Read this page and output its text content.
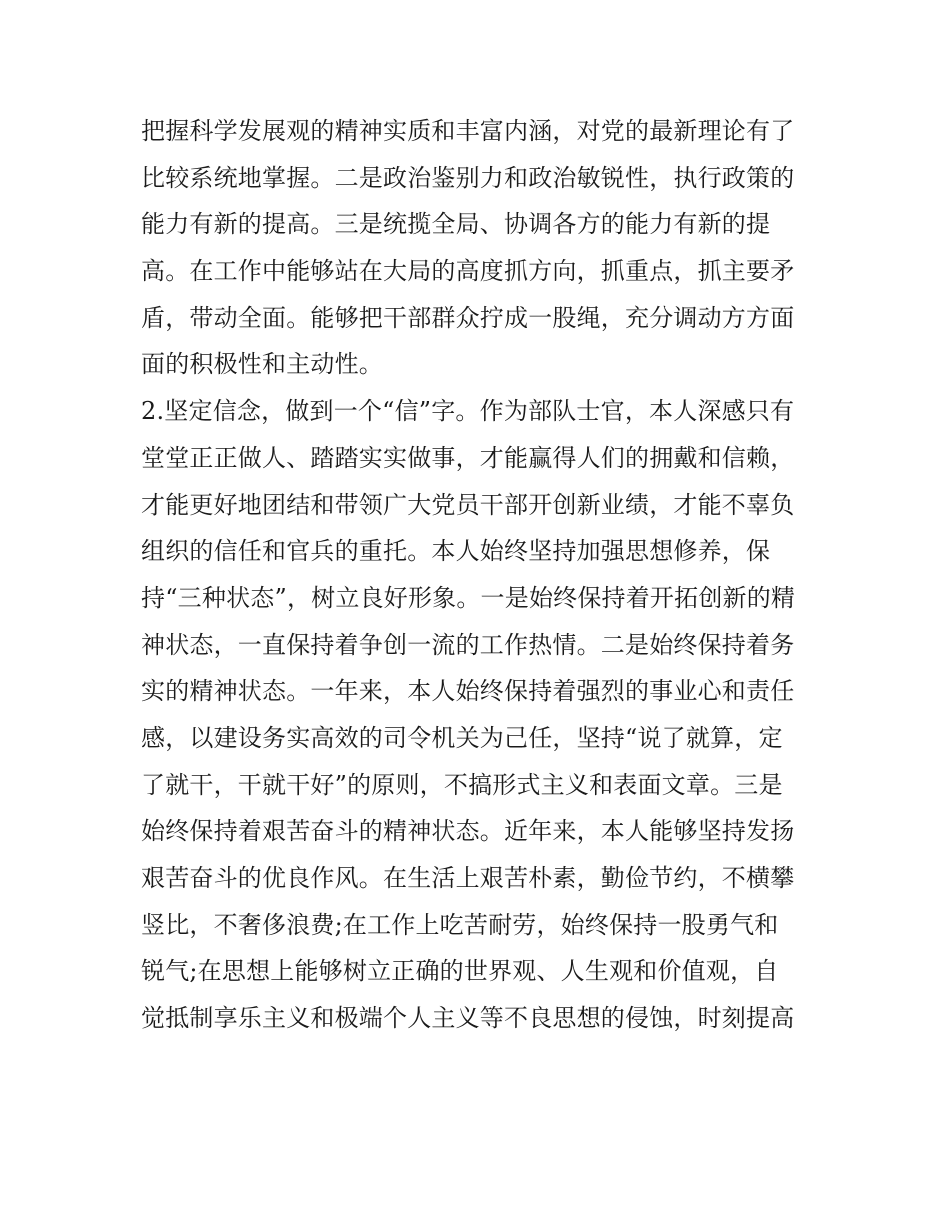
把握科学发展观的精神实质和丰富内涵，对党的最新理论有了
比较系统地掌握。二是政治鉴别力和政治敏锐性，执行政策的
能力有新的提高。三是统揽全局、协调各方的能力有新的提
高。在工作中能够站在大局的高度抓方向，抓重点，抓主要矛
盾，带动全面。能够把干部群众拧成一股绳，充分调动方方面
面的积极性和主动性。
2.坚定信念，做到一个“信”字。作为部队士官，本人深感只有
堂堂正正做人、踏踏实实做事，才能赢得人们的拥戴和信赖，
才能更好地团结和带领广大党员干部开创新业绩，才能不辜负
组织的信任和官兵的重托。本人始终坚持加强思想修养，保
持“三种状态”，树立良好形象。一是始终保持着开拓创新的精
神状态，一直保持着争创一流的工作热情。二是始终保持着务
实的精神状态。一年来，本人始终保持着强烈的事业心和责任
感，以建设务实高效的司令机关为己任，坚持“说了就算，定
了就干，干就干好”的原则，不搞形式主义和表面文章。三是
始终保持着艰苦奋斗的精神状态。近年来，本人能够坚持发扬
艰苦奋斗的优良作风。在生活上艰苦朴素，勤俭节约，不横攀
竖比，不奢侈浪费;在工作上吃苦耐劳，始终保持一股勇气和
锐气;在思想上能够树立正确的世界观、人生观和价值观，自
觉抵制享乐主义和极端个人主义等不良思想的侵蚀，时刻提高
